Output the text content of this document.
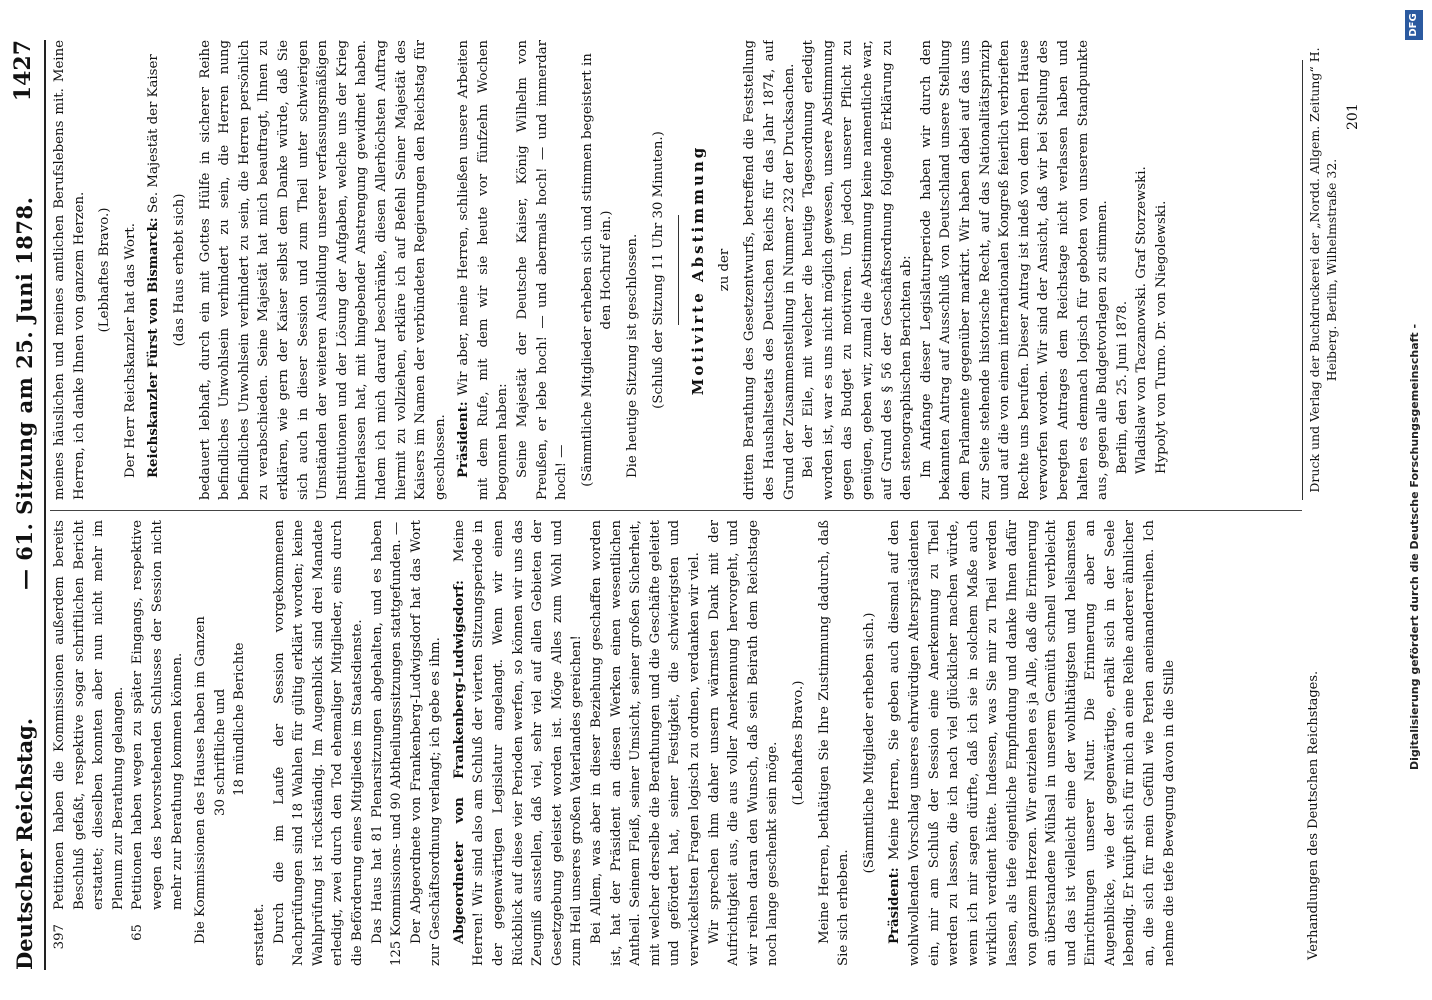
Deutscher Reichstag.
— 61. Sitzung am 25. Juni 1878.
1427

397
Petitionen haben die Kommissionen außerdem bereits Beschluß gefaßt, respektive sogar schriftlichen Bericht erstattet; dieselben konnten aber nun nicht mehr im Plenum zur Berathung gelangen.

65
Petitionen haben wegen zu später Eingangs, respektive wegen des bevorstehenden Schlusses der Session nicht mehr zur Berathung kommen können. Die Kommissionen des Hauses haben im Ganzen 30 schriftliche und 18 mündliche Berichte

erstattet. Durch die im Laufe der Session vorgekommenen Nachprüfungen sind 18 Wahlen für gültig erklärt worden; keine Wahlprüfung ist rückständig. Im Augenblick sind drei Mandate erledigt, zwei durch den Tod ehemaliger Mitglieder, eins durch die Beförderung eines Mitgliedes im Staatsdienste. Das Haus hat 81 Plenarsitzungen abgehalten, und es haben 125 Kommissions- und 90 Abtheilungssitzungen stattgefunden. — Der Abgeordnete von Frankenberg-Ludwigsdorf hat das Wort zur Geschäftsordnung verlangt; ich gebe es ihm. Abgeordneter von Frankenberg-Ludwigsdorf: Meine Herren! Wir sind also am Schluß der vierten Sitzungsperiode in der gegenwärtigen Legislatur angelangt. Wenn wir einen Rückblick auf diese vier Perioden werfen, so können wir uns das Zeugniß ausstellen, daß viel, sehr viel auf allen Gebieten der Gesetzgebung geleistet worden ist. Möge Alles zum Wohl und zum Heil unseres großen Vaterlandes gereichen! Bei Allem, was aber in dieser Beziehung geschaffen worden ist, hat der Präsident an diesen Werken einen wesentlichen Antheil. Seinem Fleiß, seiner Umsicht, seiner großen Sicherheit, mit welcher derselbe die Berathungen und die Geschäfte geleitet und gefördert hat, seiner Festigkeit, die schwierigsten und verwickeltsten Fragen logisch zu ordnen, verdanken wir viel. Wir sprechen ihm daher unsern wärmsten Dank mit der Aufrichtigkeit aus, die aus voller Anerkennung hervorgeht, und wir reihen daran den Wunsch, daß sein Beirath dem Reichstage noch lange geschenkt sein möge. (Lebhaftes Bravo.) Meine Herren, bethätigen Sie Ihre Zustimmung dadurch, daß Sie sich erheben.

(Sämmtliche Mitglieder erheben sich.)

Präsident: Meine Herren, Sie geben auch diesmal auf den wohlwollenden Vorschlag unseres ehrwürdigen Alterspräsidenten ein, mir am Schluß der Session eine Anerkennung zu Theil werden zu lassen, die ich nach viel glücklicher machen würde, wenn ich mir sagen dürfte, daß ich sie in solchem Maße auch wirklich verdient hätte. Indessen, was Sie mir zu Theil werden lassen, als tiefe eigentliche Empfindung und danke Ihnen dafür von ganzem Herzen. Wir entziehen es ja Alle, daß die Erinnerung an überstandene Mühsal in unserem Gemüth schnell verbleicht und das ist vielleicht eine der wohlthätigsten und heilsamsten Einrichtungen unserer Natur. Die Erinnerung aber an Augenblicke, wie der gegenwärtige, erhält sich in der Seele lebendig. Er knüpft sich für mich an eine Reihe anderer ähnlicher an, die sich für mein Gefühl wie Perlen aneinanderreihen. Ich nehme die tiefe Bewegung davon in die Stille

meines häuslichen und meines amtlichen Berufslebens mit. Meine Herren, ich danke Ihnen von ganzem Herzen. (Lebhaftes Bravo.) Der Herr Reichskanzler hat das Wort. Reichskanzler Fürst von Bismarck: Se. Majestät der Kaiser

(das Haus erhebt sich) bedauert lebhaft, durch ein mit Gottes Hülfe in sicherer Reihe befindliches Unwohlsein verhindert zu sein, die Herren nung befindliches Unwohlsein verhindert zu sein, die Herren persönlich zu verabschieden. Seine Majestät hat mich beauftragt, Ihnen zu erklären, wie gern der Kaiser selbst dem Danke würde, daß Sie sich auch in dieser Session und zum Theil unter schwierigen Umständen der weiteren Ausbildung unserer verfassungsmäßigen Institutionen und der Lösung der Aufgaben, welche uns der Krieg hinterlassen hat, mit hingebender Anstrengung gewidmet haben. Indem ich mich darauf beschränke, diesen Allerhöchsten Auftrag hiermit zu vollziehen, erkläre ich auf Befehl Seiner Majestät des Kaisers im Namen der verbündeten Regierungen den Reichstag für geschlossen. Präsident: Wir aber, meine Herren, schließen unsere Arbeiten mit dem Rufe, mit dem wir sie heute vor fünfzehn Wochen begonnen haben: Seine Majestät der Deutsche Kaiser, König Wilhelm von Preußen, er lebe hoch! — und abermals hoch! — und immerdar hoch! — (Sämmtliche Mitglieder erheben sich und stimmen begeistert in den Hochruf ein.) Die heutige Sitzung ist geschlossen. (Schluß der Sitzung 11 Uhr 30 Minuten.) Motivirte Abstimmung zu der dritten Berathung des Gesetzentwurfs, betreffend die Feststellung des Haushaltsetats des Deutschen Reichs für das Jahr 1874, auf Grund der Zusammenstellung in Nummer 232 der Drucksachen. Bei der Eile, mit welcher die heutige Tagesordnung erledigt worden ist, war es uns nicht möglich gewesen, unsere Abstimmung gegen das Budget zu motiviren. Um jedoch unserer Pflicht zu genügen, geben wir, zumal die Abstimmung keine namentliche war, auf Grund des § 56 der Geschäftsordnung folgende Erklärung zu den stenographischen Berichten ab: Im Anfange dieser Legislaturperiode haben wir durch den bekannten Antrag auf Ausschluß von Deutschland unsere Stellung dem Parlamente gegenüber markirt. Wir haben dabei auf das uns zur Seite stehende historische Recht, auf das Nationalitätsprinzip und auf die von einem internationalen Kongreß feierlich verbrieften Rechte uns berufen. Dieser Antrag ist indeß von dem Hohen Hause verworfen worden. Wir sind der Ansicht, daß wir bei Stellung des beregten Antrages dem Reichstage nicht verlassen haben und halten es demnach logisch für geboten von unserem Standpunkte aus, gegen alle Budgetvorlagen zu stimmen. Berlin, den 25. Juni 1878. Wladislaw von Taczanowski. Graf Storzewski. Hypolyt von Turno. Dr. von Niegolewski.	Druck und Verlag der Buchdruckerei der „Nordd. Allgem. Zeitung“ H. Heiberg. Berlin, Wilhelmstraße 32.
Verhandlungen des Deutschen Reichstages.
201
Digitalisierung gefördert durch die Deutsche Forschungsgemeinschaft -
DFG
